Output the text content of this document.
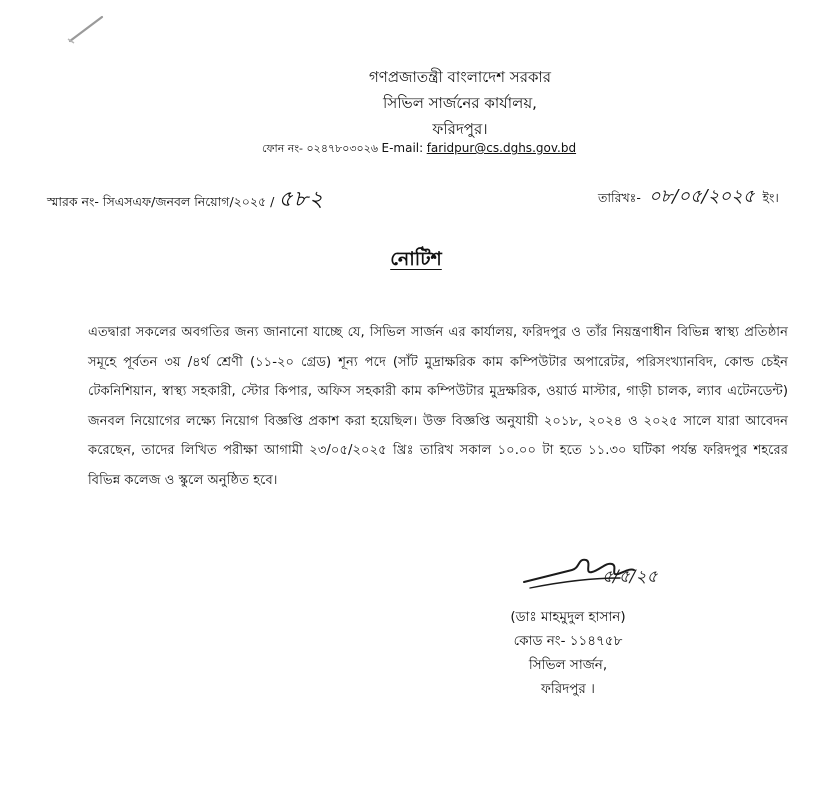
গণপ্রজাতন্ত্রী বাংলাদেশ সরকার
সিভিল সার্জনের কার্যালয়,
ফরিদপুর।
ফোন নং- ০২৪৭৮০৩০২৬ E-mail: faridpur@cs.dghs.gov.bd
স্মারক নং- সিএসএফ/জনবল নিয়োগ/২০২৫ / ৫৮২	তারিখঃ- ০৮/০৫/২০২৫ ইং।
নোটিশ

এতদ্বারা সকলের অবগতির জন্য জানানো যাচ্ছে যে, সিভিল সার্জন এর কার্যালয়, ফরিদপুর ও তাঁর নিয়ন্ত্রণাধীন বিভিন্ন স্বাস্থ্য প্রতিষ্ঠান সমূহে পূর্বতন ৩য় /৪র্থ শ্রেণী (১১-২০ গ্রেড) শূন্য পদে (সাঁট মুদ্রাক্ষরিক কাম কম্পিউটার অপারেটর, পরিসংখ্যানবিদ, কোল্ড চেইন টেকনিশিয়ান, স্বাস্থ্য সহকারী, স্টোর কিপার, অফিস সহকারী কাম কম্পিউটার মুদ্রক্ষরিক, ওয়ার্ড মাস্টার, গাড়ী চালক, ল্যাব এটেনডেন্ট) জনবল নিয়োগের লক্ষ্যে নিয়োগ বিজ্ঞপ্তি প্রকাশ করা হয়েছিল। উক্ত বিজ্ঞপ্তি অনুযায়ী ২০১৮, ২০২৪ ও ২০২৫ সালে যারা আবেদন করেছেন, তাদের লিখিত পরীক্ষা আগামী ২৩/০৫/২০২৫ খ্রিঃ তারিখ সকাল ১০.০০ টা হতে ১১.৩০ ঘটিকা পর্যন্ত ফরিদপুর শহরের বিভিন্ন কলেজ ও স্কুলে অনুষ্ঠিত হবে।

৫/৫/২৫
(ডাঃ মাহমুদুল হাসান)
কোড নং- ১১৪৭৫৮
সিভিল সার্জন,
ফরিদপুর ।
